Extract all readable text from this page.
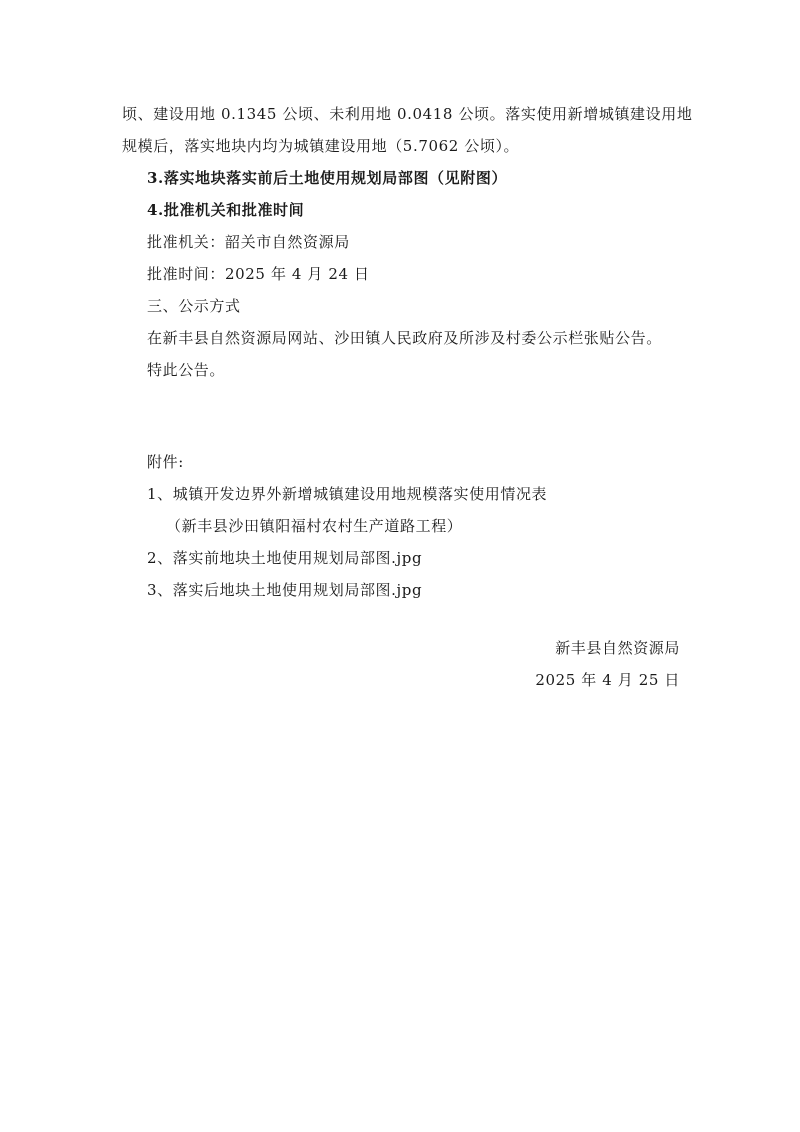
顷、建设用地 0.1345 公顷、未利用地 0.0418 公顷。落实使用新增城镇建设用地
规模后，落实地块内均为城镇建设用地（5.7062 公顷）。
3.落实地块落实前后土地使用规划局部图（见附图）
4.批准机关和批准时间
批准机关：韶关市自然资源局
批准时间：2025 年 4 月 24 日
三、公示方式
在新丰县自然资源局网站、沙田镇人民政府及所涉及村委公示栏张贴公告。
特此公告。
附件:
1、城镇开发边界外新增城镇建设用地规模落实使用情况表
（新丰县沙田镇阳福村农村生产道路工程）
2、落实前地块土地使用规划局部图.jpg
3、落实后地块土地使用规划局部图.jpg
新丰县自然资源局
2025 年 4 月 25 日
